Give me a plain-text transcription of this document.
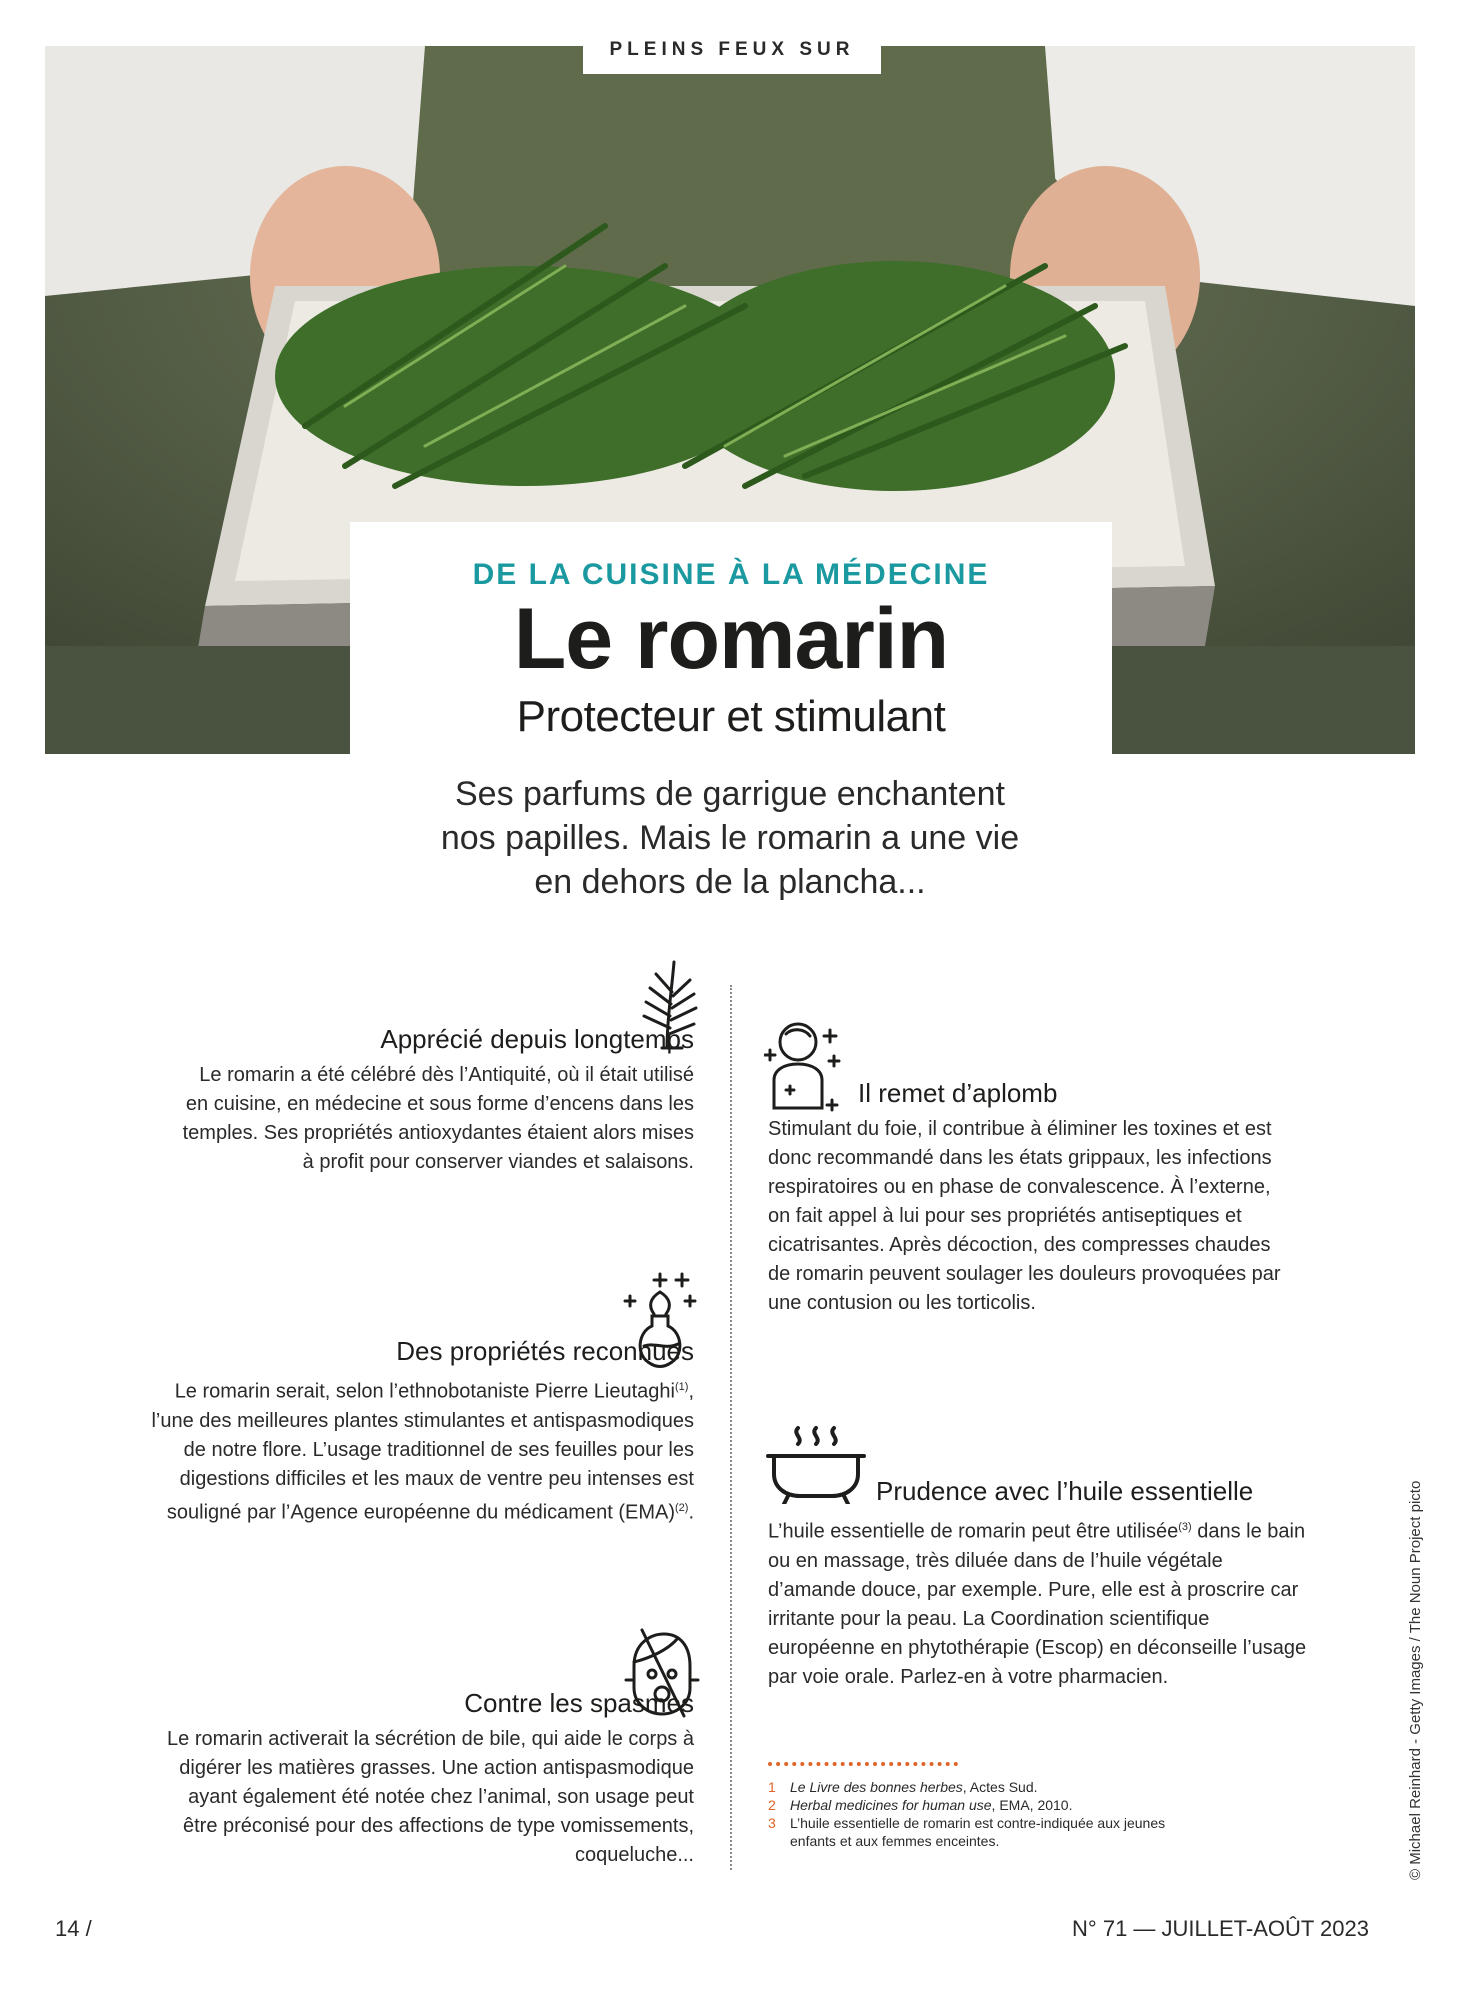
PLEINS FEUX SUR
DE LA CUISINE À LA MÉDECINE
Le romarin
Protecteur et stimulant
Ses parfums de garrigue enchantent
nos papilles. Mais le romarin a une vie
en dehors de la plancha...
Apprécié depuis longtemps

Le romarin a été célébré dès l’Antiquité, où il était utilisé en cuisine, en médecine et sous forme d’encens dans les temples. Ses propriétés antioxydantes étaient alors mises à profit pour conserver viandes et salaisons.

Des propriétés reconnues

Le romarin serait, selon l’ethnobotaniste Pierre Lieutaghi$^{(1)}$, l’une des meilleures plantes stimulantes et antispasmodiques de notre flore. L’usage traditionnel de ses feuilles pour les digestions difficiles et les maux de ventre peu intenses est souligné par l’Agence européenne du médicament (EMA)$^{(2)}$.

Contre les spasmes

Le romarin activerait la sécrétion de bile, qui aide le corps à digérer les matières grasses. Une action antispasmodique ayant également été notée chez l’animal, son usage peut être préconisé pour des affections de type vomissements, coqueluche...

Il remet d’aplomb

Stimulant du foie, il contribue à éliminer les toxines et est donc recommandé dans les états grippaux, les infections respiratoires ou en phase de convalescence. À l’externe, on fait appel à lui pour ses propriétés antiseptiques et cicatrisantes. Après décoction, des compresses chaudes de romarin peuvent soulager les douleurs provoquées par une contusion ou les torticolis.

Prudence avec l’huile essentielle

L’huile essentielle de romarin peut être utilisée$^{(3)}$ dans le bain ou en massage, très diluée dans de l’huile végétale d’amande douce, par exemple. Pure, elle est à proscrire car irritante pour la peau. La Coordination scientifique européenne en phytothérapie (Escop) en déconseille l’usage par voie orale. Parlez-en à votre pharmacien.

1	Le Livre des bonnes herbes, Actes Sud.
2	Herbal medicines for human use, EMA, 2010.
3	L’huile essentielle de romarin est contre-indiquée aux jeunes enfants et aux femmes enceintes.	© Michael Reinhard - Getty Images / The Noun Project picto
14 /	N° 71 — JUILLET-AOÛT 2023
